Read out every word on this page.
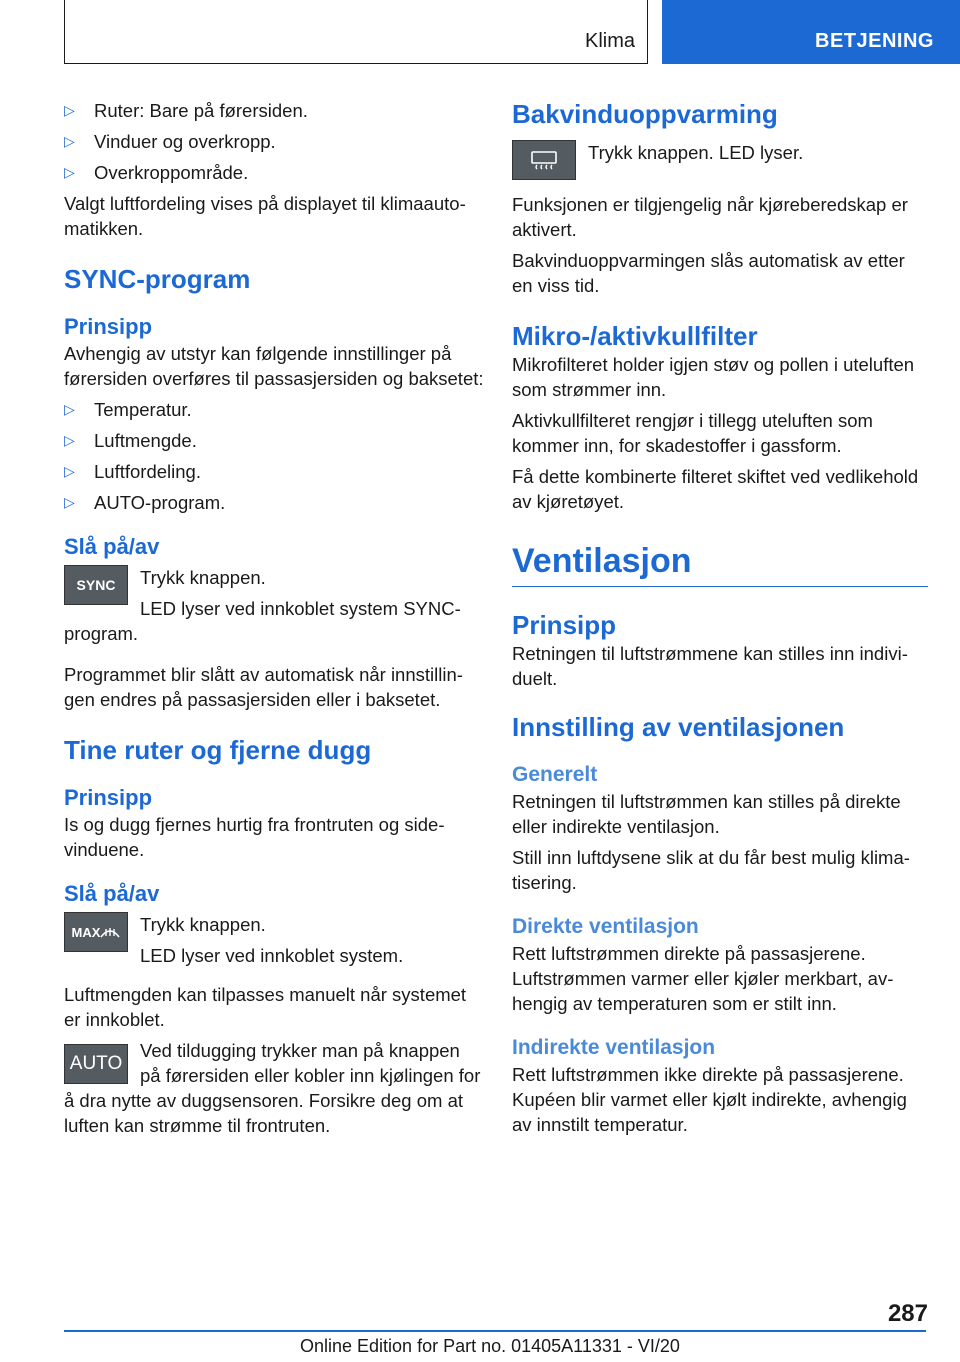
Klima	BETJENING
▷ Ruter: Bare på førersiden.
▷ Vinduer og overkropp.
▷ Overkroppområde.

Valgt luftfordeling vises på displayet til klimaautomatikken.

SYNC-program
Prinsipp

Avhengig av utstyr kan følgende innstillinger på førersiden overføres til passasjersiden og baksetet:

▷ Temperatur.
▷ Luftmengde.
▷ Luftfordeling.
▷ AUTO-program.
Slå på/av
SYNC	Trykk knappen.

LED lyser ved innkoblet system SYNC-program.

Programmet blir slått av automatisk når innstillingen endres på passasjersiden eller i baksetet.

Tine ruter og fjerne dugg
Prinsipp

Is og dugg fjernes hurtig fra frontruten og sidevinduene.

Slå på/av
MAX	Trykk knappen.

LED lyser ved innkoblet system.

Luftmengden kan tilpasses manuelt når systemet er innkoblet.

AUTO

Ved tildugging trykker man på knappen på førersiden eller kobler inn kjølingen for å dra nytte av duggsensoren. Forsikre deg om at luften kan strømme til frontruten.

Bakvinduoppvarming

Trykk knappen. LED lyser.

Funksjonen er tilgjengelig når kjøreberedskap er aktivert.

Bakvinduoppvarmingen slås automatisk av etter en viss tid.

Mikro-/aktivkullfilter

Mikrofilteret holder igjen støv og pollen i uteluften som strømmer inn.

Aktivkullfilteret rengjør i tillegg uteluften som kommer inn, for skadestoffer i gassform.

Få dette kombinerte filteret skiftet ved vedlikehold av kjøretøyet.

Ventilasjon
Prinsipp

Retningen til luftstrømmene kan stilles inn individuelt.

Innstilling av ventilasjonen
Generelt

Retningen til luftstrømmen kan stilles på direkte eller indirekte ventilasjon.

Still inn luftdysene slik at du får best mulig klimatisering.

Direkte ventilasjon

Rett luftstrømmen direkte på passasjerene. Luftstrømmen varmer eller kjøler merkbart, avhengig av temperaturen som er stilt inn.

Indirekte ventilasjon

Rett luftstrømmen ikke direkte på passasjerene. Kupéen blir varmet eller kjølt indirekte, avhengig av innstilt temperatur.

287
Online Edition for Part no. 01405A11331 - VI/20
